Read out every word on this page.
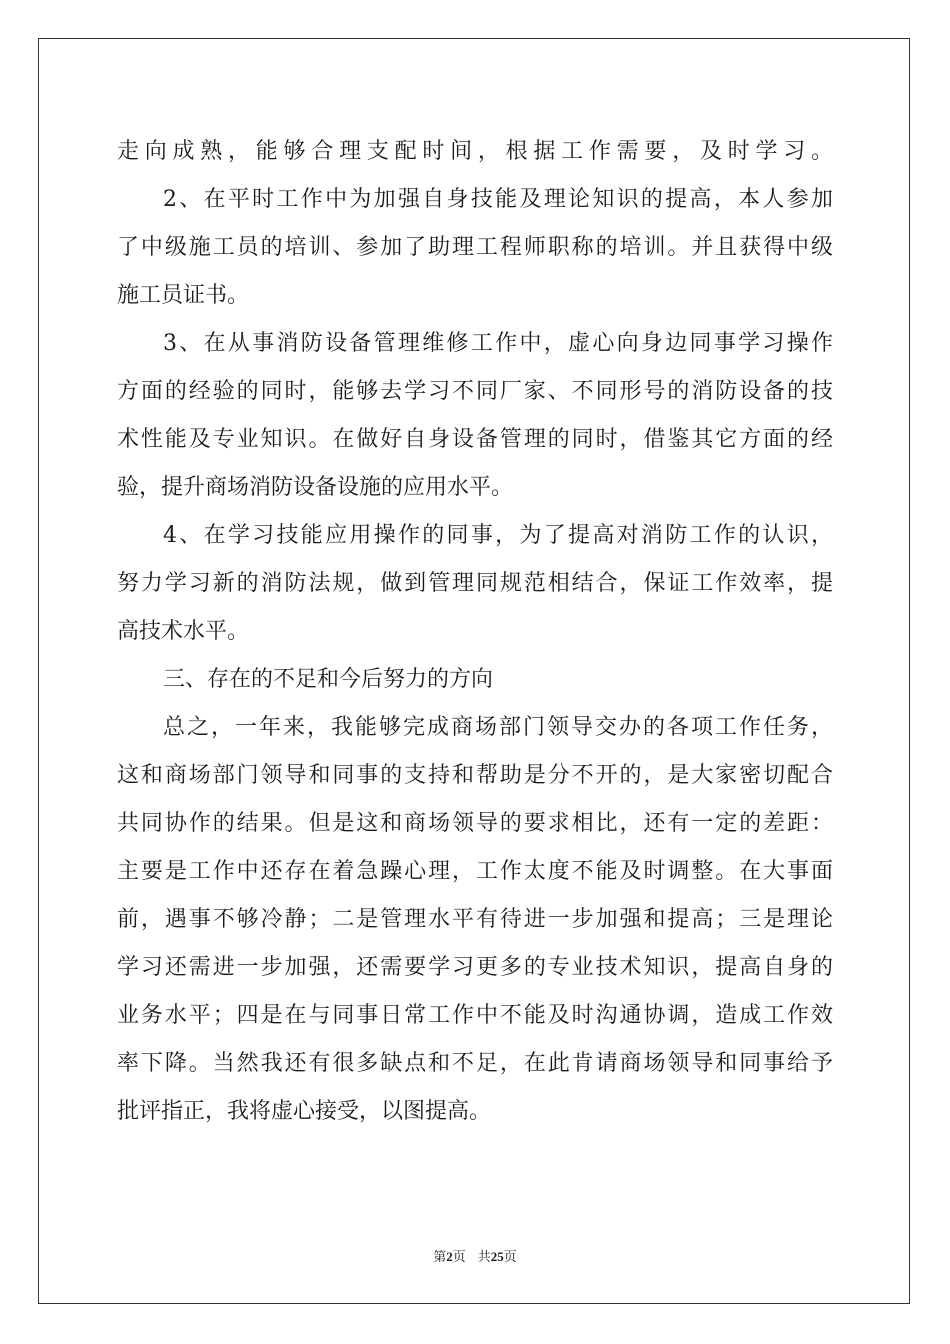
走向成熟，能够合理支配时间，根据工作需要，及时学习。
2、在平时工作中为加强自身技能及理论知识的提高，本人参加
了中级施工员的培训、参加了助理工程师职称的培训。并且获得中级
施工员证书。
3、在从事消防设备管理维修工作中，虚心向身边同事学习操作
方面的经验的同时，能够去学习不同厂家、不同形号的消防设备的技
术性能及专业知识。在做好自身设备管理的同时，借鉴其它方面的经
验，提升商场消防设备设施的应用水平。
4、在学习技能应用操作的同事，为了提高对消防工作的认识，
努力学习新的消防法规，做到管理同规范相结合，保证工作效率，提
高技术水平。
三、存在的不足和今后努力的方向
总之，一年来，我能够完成商场部门领导交办的各项工作任务，
这和商场部门领导和同事的支持和帮助是分不开的，是大家密切配合
共同协作的结果。但是这和商场领导的要求相比，还有一定的差距：
主要是工作中还存在着急躁心理，工作太度不能及时调整。在大事面
前，遇事不够冷静；二是管理水平有待进一步加强和提高；三是理论
学习还需进一步加强，还需要学习更多的专业技术知识，提高自身的
业务水平；四是在与同事日常工作中不能及时沟通协调，造成工作效
率下降。当然我还有很多缺点和不足，在此肯请商场领导和同事给予
批评指正，我将虚心接受，以图提高。
第2页 共25页
